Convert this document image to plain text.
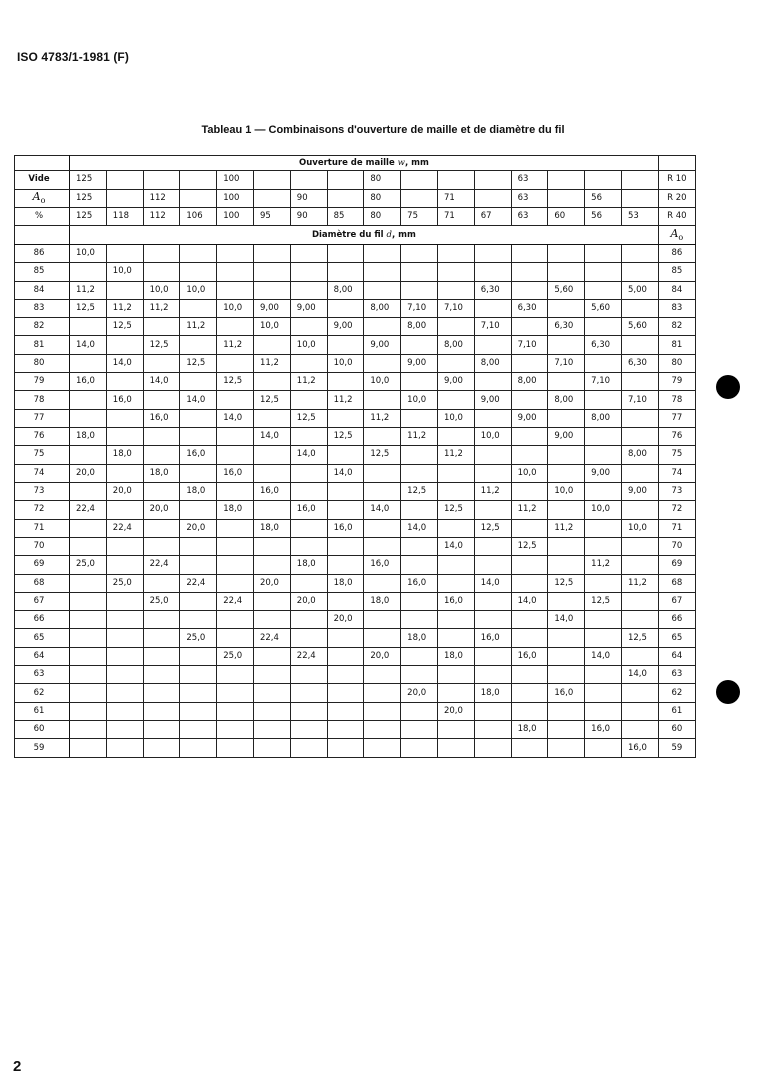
ISO 4783/1-1981 (F)
Tableau 1 — Combinaisons d'ouverture de maille et de diamètre du fil
	Ouverture de maille w, mm																
Vide	125				100				80				63				R 10
$A_o$	125		112		100		90		80		71		63		56		R 20
%	125	118	112	106	100	95	90	85	80	75	71	67	63	60	56	53	R 40
	Diamètre du fil d, mm																$A_o$
86	10,0																86
85		10,0															85
84	11,2		10,0	10,0				8,00				6,30		5,60		5,00	84
83	12,5	11,2	11,2		10,0	9,00	9,00		8,00	7,10	7,10		6,30		5,60		83
82		12,5		11,2		10,0		9,00		8,00		7,10		6,30		5,60	82
81	14,0		12,5		11,2		10,0		9,00		8,00		7,10		6,30		81
80		14,0		12,5		11,2		10,0		9,00		8,00		7,10		6,30	80
79	16,0		14,0		12,5		11,2		10,0		9,00		8,00		7,10		79
78		16,0		14,0		12,5		11,2		10,0		9,00		8,00		7,10	78
77			16,0		14,0		12,5		11,2		10,0		9,00		8,00		77
76	18,0					14,0		12,5		11,2		10,0		9,00			76
75		18,0		16,0			14,0		12,5		11,2					8,00	75
74	20,0		18,0		16,0			14,0					10,0		9,00		74
73		20,0		18,0		16,0				12,5		11,2		10,0		9,00	73
72	22,4		20,0		18,0		16,0		14,0		12,5		11,2		10,0		72
71		22,4		20,0		18,0		16,0		14,0		12,5		11,2		10,0	71
70											14,0		12,5				70
69	25,0		22,4				18,0		16,0						11,2		69
68		25,0		22,4		20,0		18,0		16,0		14,0		12,5		11,2	68
67			25,0		22,4		20,0		18,0		16,0		14,0		12,5		67
66								20,0						14,0			66
65				25,0		22,4				18,0		16,0				12,5	65
64					25,0		22,4		20,0		18,0		16,0		14,0		64
63																14,0	63
62										20,0		18,0		16,0			62
61											20,0						61
60													18,0		16,0		60
59																16,0	59
2
